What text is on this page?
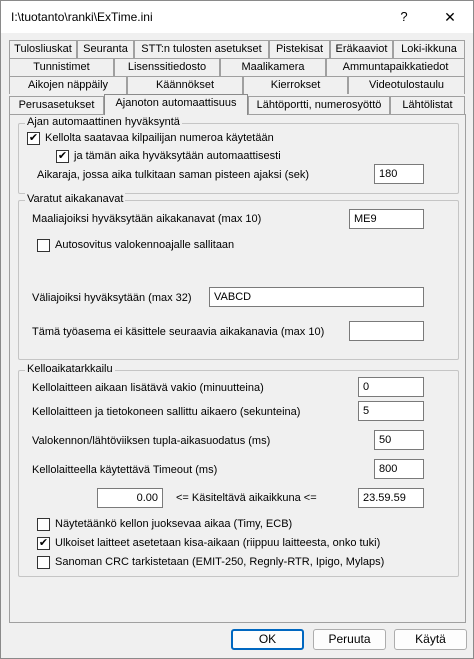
I:\tuotanto\ranki\ExTime.ini	?	✕
Tulosliuskat	Seuranta	STT:n tulosten asetukset	Pistekisat	Eräkaaviot	Loki-ikkuna
Tunnistimet	Lisenssitiedosto	Maalikamera	Ammuntapaikkatiedot
Aikojen näppäily	Käännökset	Kierrokset	Videotulostaulu
Perusasetukset	Ajanoton automaattisuus	Lähtöportti, numerosyöttö	Lähtölistat
Ajan automaattinen hyväksyntä
✔ Kellolta saatavaa kilpailijan numeroa käytetään
✔ ja tämän aika hyväksytään automaattisesti
Aikaraja, jossa aika tulkitaan saman pisteen ajaksi (sek)	180
Varatut aikakanavat
Maaliajoiksi hyväksytään aikakanavat (max 10)	ME9
Autosovitus valokennoajalle sallitaan
Väliajoiksi hyväksytään (max 32)	VABCD
Tämä työasema ei käsittele seuraavia aikakanavia (max 10)
Kelloaikatarkkailu
Kellolaitteen aikaan lisätävä vakio (minuutteina)	0
Kellolaitteen ja tietokoneen sallittu aikaero (sekunteina)	5
Valokennon/lähtöviiksen tupla-aikasuodatus (ms)	50
Kellolaitteella käytettävä Timeout (ms)	800
0.00	<= Käsiteltävä aikaikkuna <=	23.59.59
Näytetäänkö kellon juoksevaa aikaa (Timy, ECB)
✔ Ulkoiset laitteet asetetaan kisa-aikaan (riippuu laitteesta, onko tuki)
Sanoman CRC tarkistetaan (EMIT-250, Regnly-RTR, Ipigo, Mylaps)
OK	Peruuta	Käytä
